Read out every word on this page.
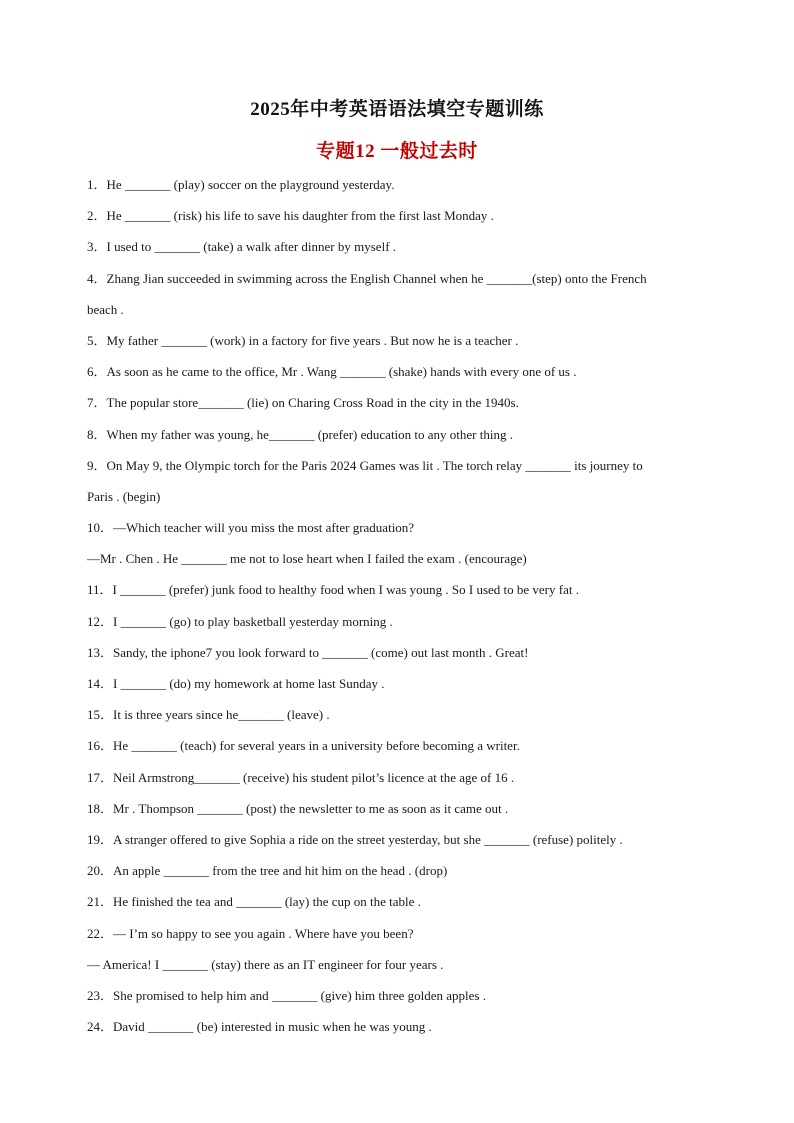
2025年中考英语语法填空专题训练
专题12 一般过去时
1．He _______ (play) soccer on the playground yesterday.
2．He _______ (risk) his life to save his daughter from the first last Monday .
3．I used to _______ (take) a walk after dinner by myself .
4．Zhang Jian succeeded in swimming across the English Channel when he _______(step) onto the French
beach .
5．My father _______ (work) in a factory for five years . But now he is a teacher .
6．As soon as he came to the office, Mr . Wang _______ (shake) hands with every one of us .
7．The popular store_______ (lie) on Charing Cross Road in the city in the 1940s.
8．When my father was young, he_______ (prefer) education to any other thing .
9．On May 9, the Olympic torch for the Paris 2024 Games was lit . The torch relay _______ its journey to
Paris . (begin)
10．—Which teacher will you miss the most after graduation?
—Mr . Chen . He _______ me not to lose heart when I failed the exam . (encourage)
11．I _______ (prefer) junk food to healthy food when I was young . So I used to be very fat .
12．I _______ (go) to play basketball yesterday morning .
13．Sandy, the iphone7 you look forward to _______ (come) out last month . Great!
14．I _______ (do) my homework at home last Sunday .
15．It is three years since he_______ (leave) .
16．He _______ (teach) for several years in a university before becoming a writer.
17．Neil Armstrong_______ (receive) his student pilot’s licence at the age of 16 .
18．Mr . Thompson _______ (post) the newsletter to me as soon as it came out .
19．A stranger offered to give Sophia a ride on the street yesterday, but she _______ (refuse) politely .
20．An apple _______ from the tree and hit him on the head . (drop)
21．He finished the tea and _______ (lay) the cup on the table .
22．— I’m so happy to see you again . Where have you been?
— America! I _______ (stay) there as an IT engineer for four years .
23．She promised to help him and _______ (give) him three golden apples .
24．David _______ (be) interested in music when he was young .
